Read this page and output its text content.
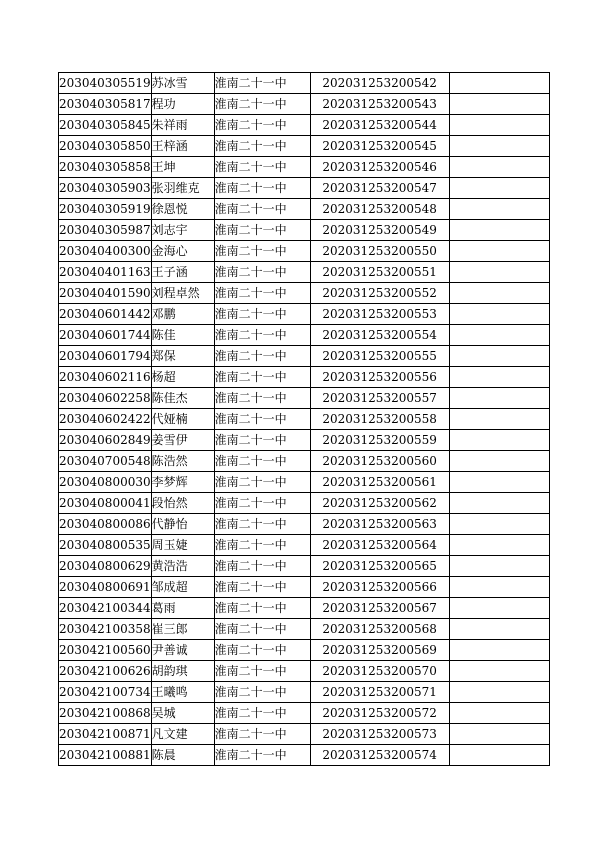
203040305519	苏冰雪	淮南二十一中	202031253200542	
203040305817	程功	淮南二十一中	202031253200543	
203040305845	朱祥雨	淮南二十一中	202031253200544	
203040305850	王梓涵	淮南二十一中	202031253200545	
203040305858	王坤	淮南二十一中	202031253200546	
203040305903	张羽维克	淮南二十一中	202031253200547	
203040305919	徐恩悦	淮南二十一中	202031253200548	
203040305987	刘志宇	淮南二十一中	202031253200549	
203040400300	金海心	淮南二十一中	202031253200550	
203040401163	王子涵	淮南二十一中	202031253200551	
203040401590	刘程卓然	淮南二十一中	202031253200552	
203040601442	邓鹏	淮南二十一中	202031253200553	
203040601744	陈佳	淮南二十一中	202031253200554	
203040601794	郑保	淮南二十一中	202031253200555	
203040602116	杨超	淮南二十一中	202031253200556	
203040602258	陈佳杰	淮南二十一中	202031253200557	
203040602422	代娅楠	淮南二十一中	202031253200558	
203040602849	姜雪伊	淮南二十一中	202031253200559	
203040700548	陈浩然	淮南二十一中	202031253200560	
203040800030	李梦辉	淮南二十一中	202031253200561	
203040800041	段怡然	淮南二十一中	202031253200562	
203040800086	代静怡	淮南二十一中	202031253200563	
203040800535	周玉婕	淮南二十一中	202031253200564	
203040800629	黄浩浩	淮南二十一中	202031253200565	
203040800691	邹成超	淮南二十一中	202031253200566	
203042100344	葛雨	淮南二十一中	202031253200567	
203042100358	崔三郎	淮南二十一中	202031253200568	
203042100560	尹善诚	淮南二十一中	202031253200569	
203042100626	胡韵琪	淮南二十一中	202031253200570	
203042100734	王曦鸣	淮南二十一中	202031253200571	
203042100868	吴城	淮南二十一中	202031253200572	
203042100871	凡文建	淮南二十一中	202031253200573	
203042100881	陈晨	淮南二十一中	202031253200574	
